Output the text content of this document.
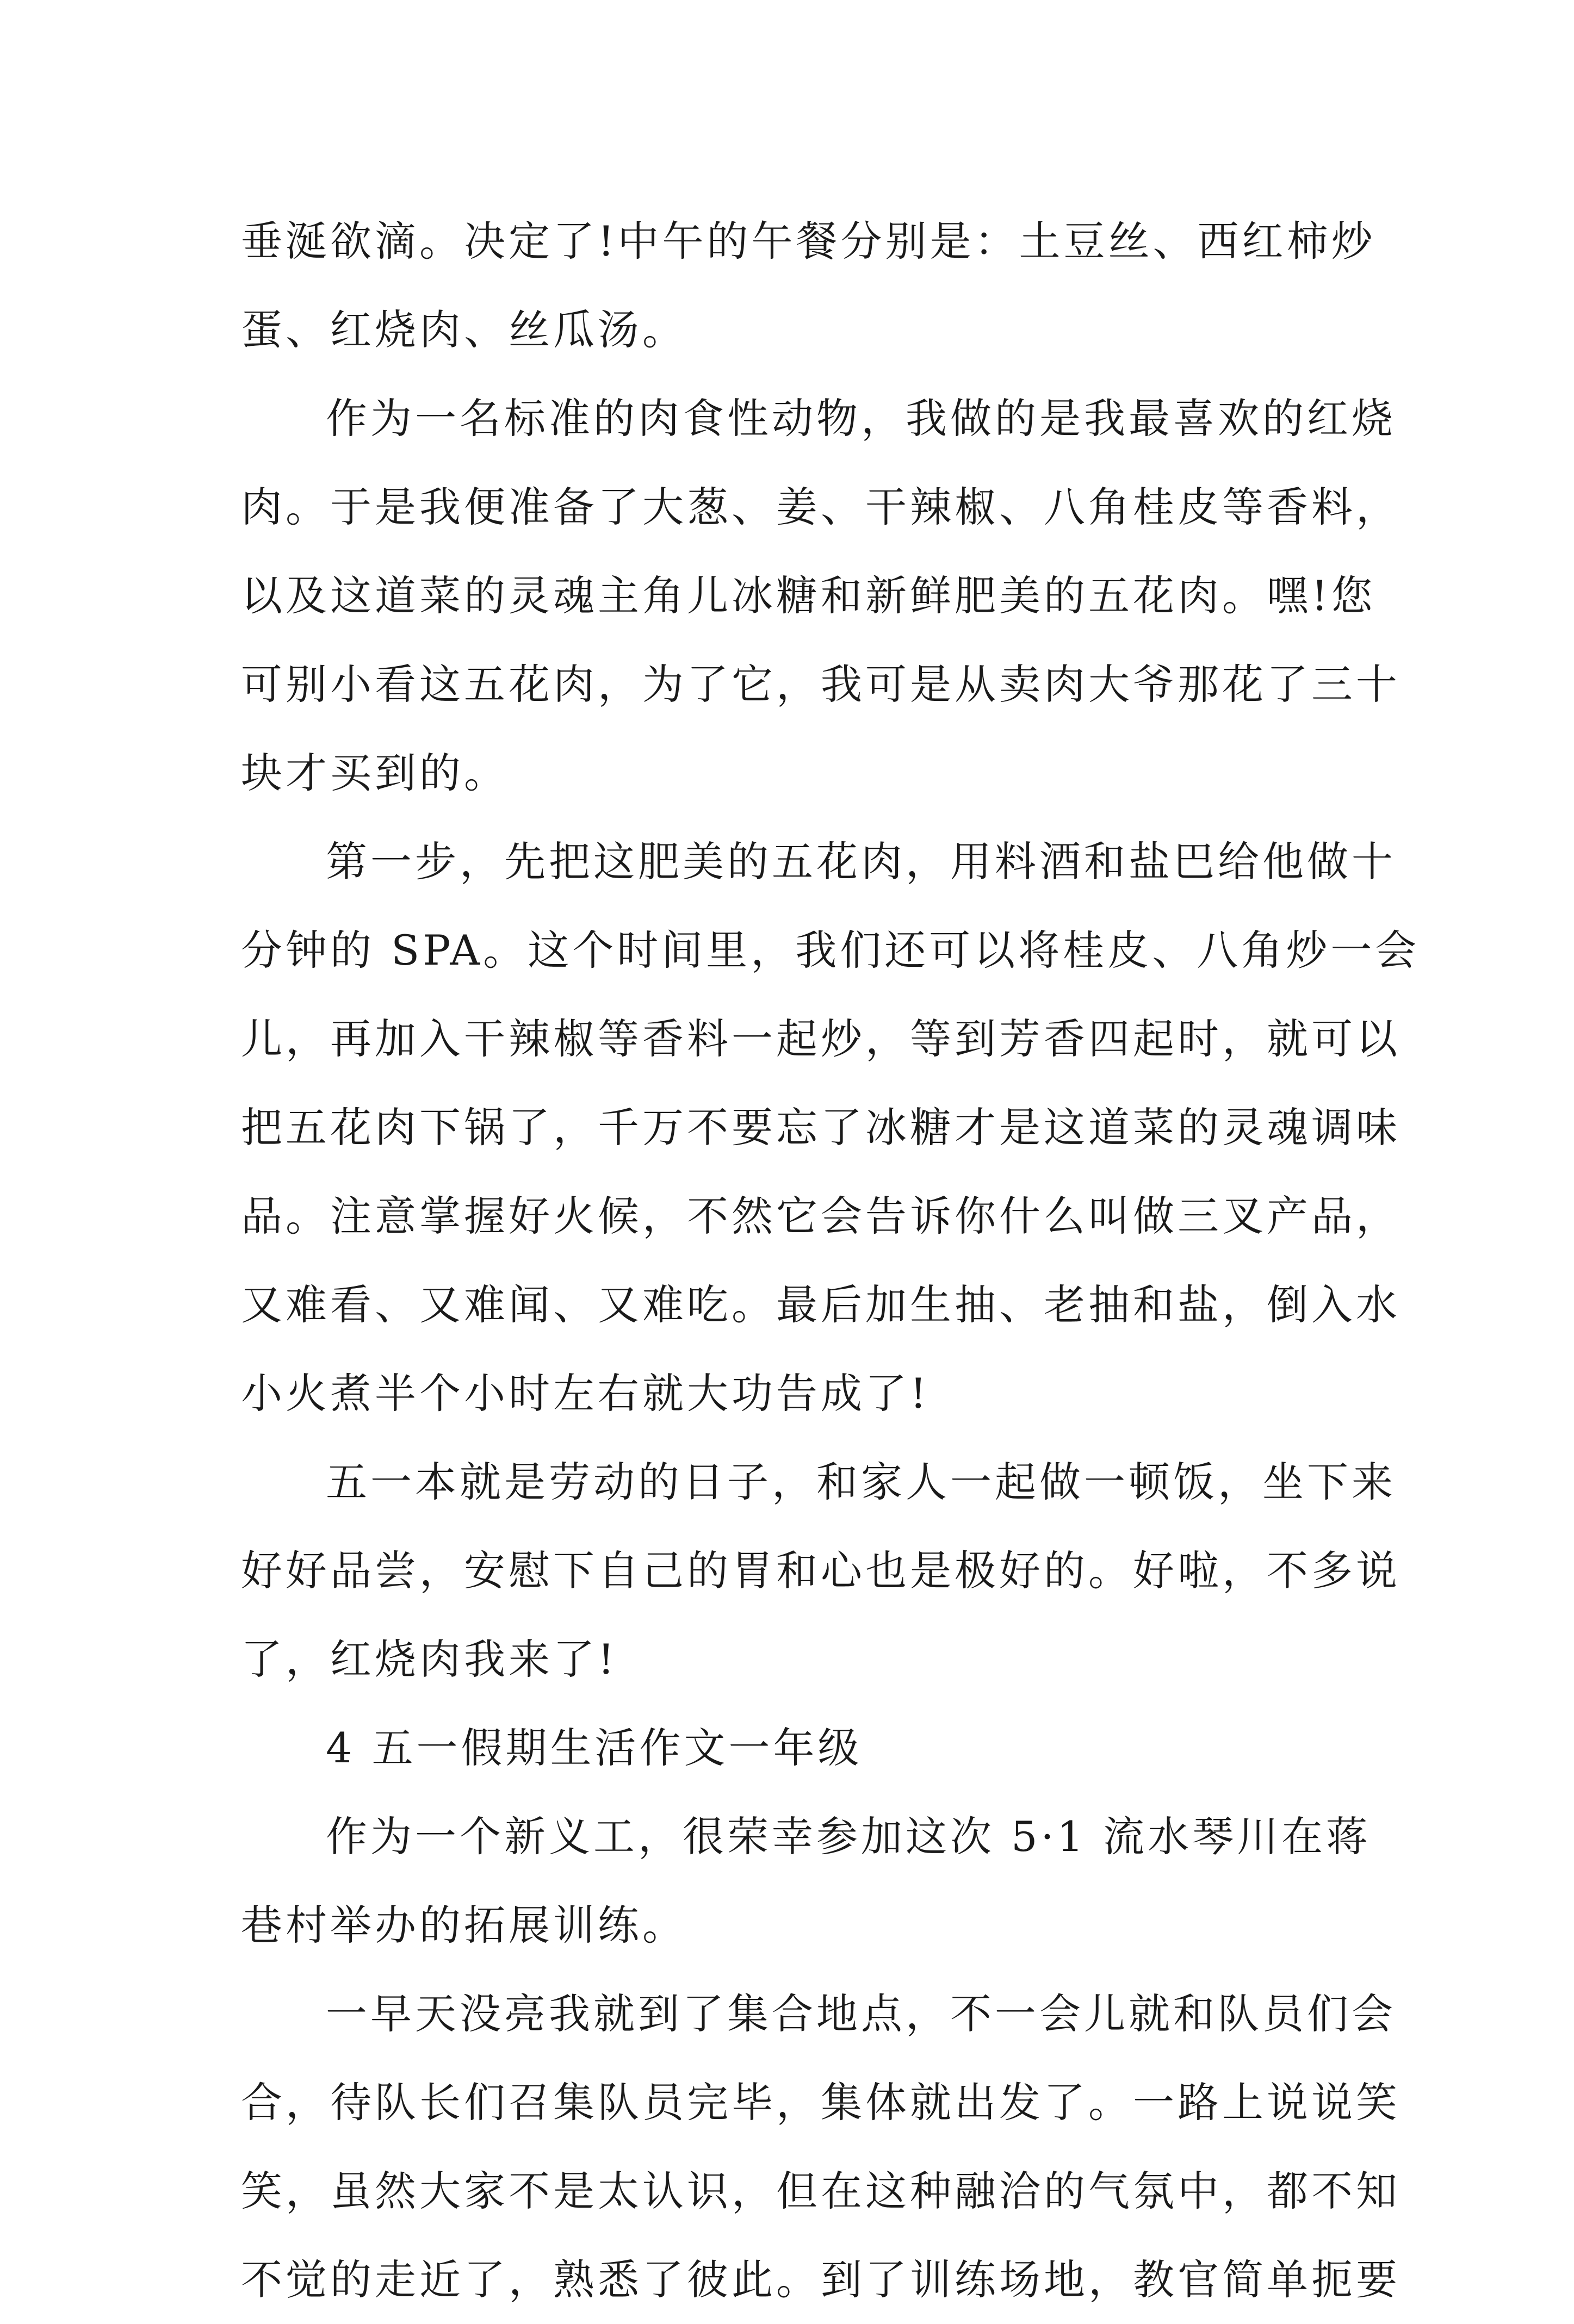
垂涎欲滴。决定了!中午的午餐分别是：土豆丝、西红柿炒
蛋、红烧肉、丝瓜汤。
作为一名标准的肉食性动物，我做的是我最喜欢的红烧
肉。于是我便准备了大葱、姜、干辣椒、八角桂皮等香料，
以及这道菜的灵魂主角儿冰糖和新鲜肥美的五花肉。嘿!您
可别小看这五花肉，为了它，我可是从卖肉大爷那花了三十
块才买到的。
第一步，先把这肥美的五花肉，用料酒和盐巴给他做十
分钟的 SPA。这个时间里，我们还可以将桂皮、八角炒一会
儿，再加入干辣椒等香料一起炒，等到芳香四起时，就可以
把五花肉下锅了，千万不要忘了冰糖才是这道菜的灵魂调味
品。注意掌握好火候，不然它会告诉你什么叫做三叉产品，
又难看、又难闻、又难吃。最后加生抽、老抽和盐，倒入水
小火煮半个小时左右就大功告成了!
五一本就是劳动的日子，和家人一起做一顿饭，坐下来
好好品尝，安慰下自己的胃和心也是极好的。好啦，不多说
了，红烧肉我来了!
4 五一假期生活作文一年级
作为一个新义工，很荣幸参加这次 5·1 流水琴川在蒋
巷村举办的拓展训练。
一早天没亮我就到了集合地点，不一会儿就和队员们会
合，待队长们召集队员完毕，集体就出发了。一路上说说笑
笑，虽然大家不是太认识，但在这种融洽的气氛中，都不知
不觉的走近了，熟悉了彼此。到了训练场地，教官简单扼要
